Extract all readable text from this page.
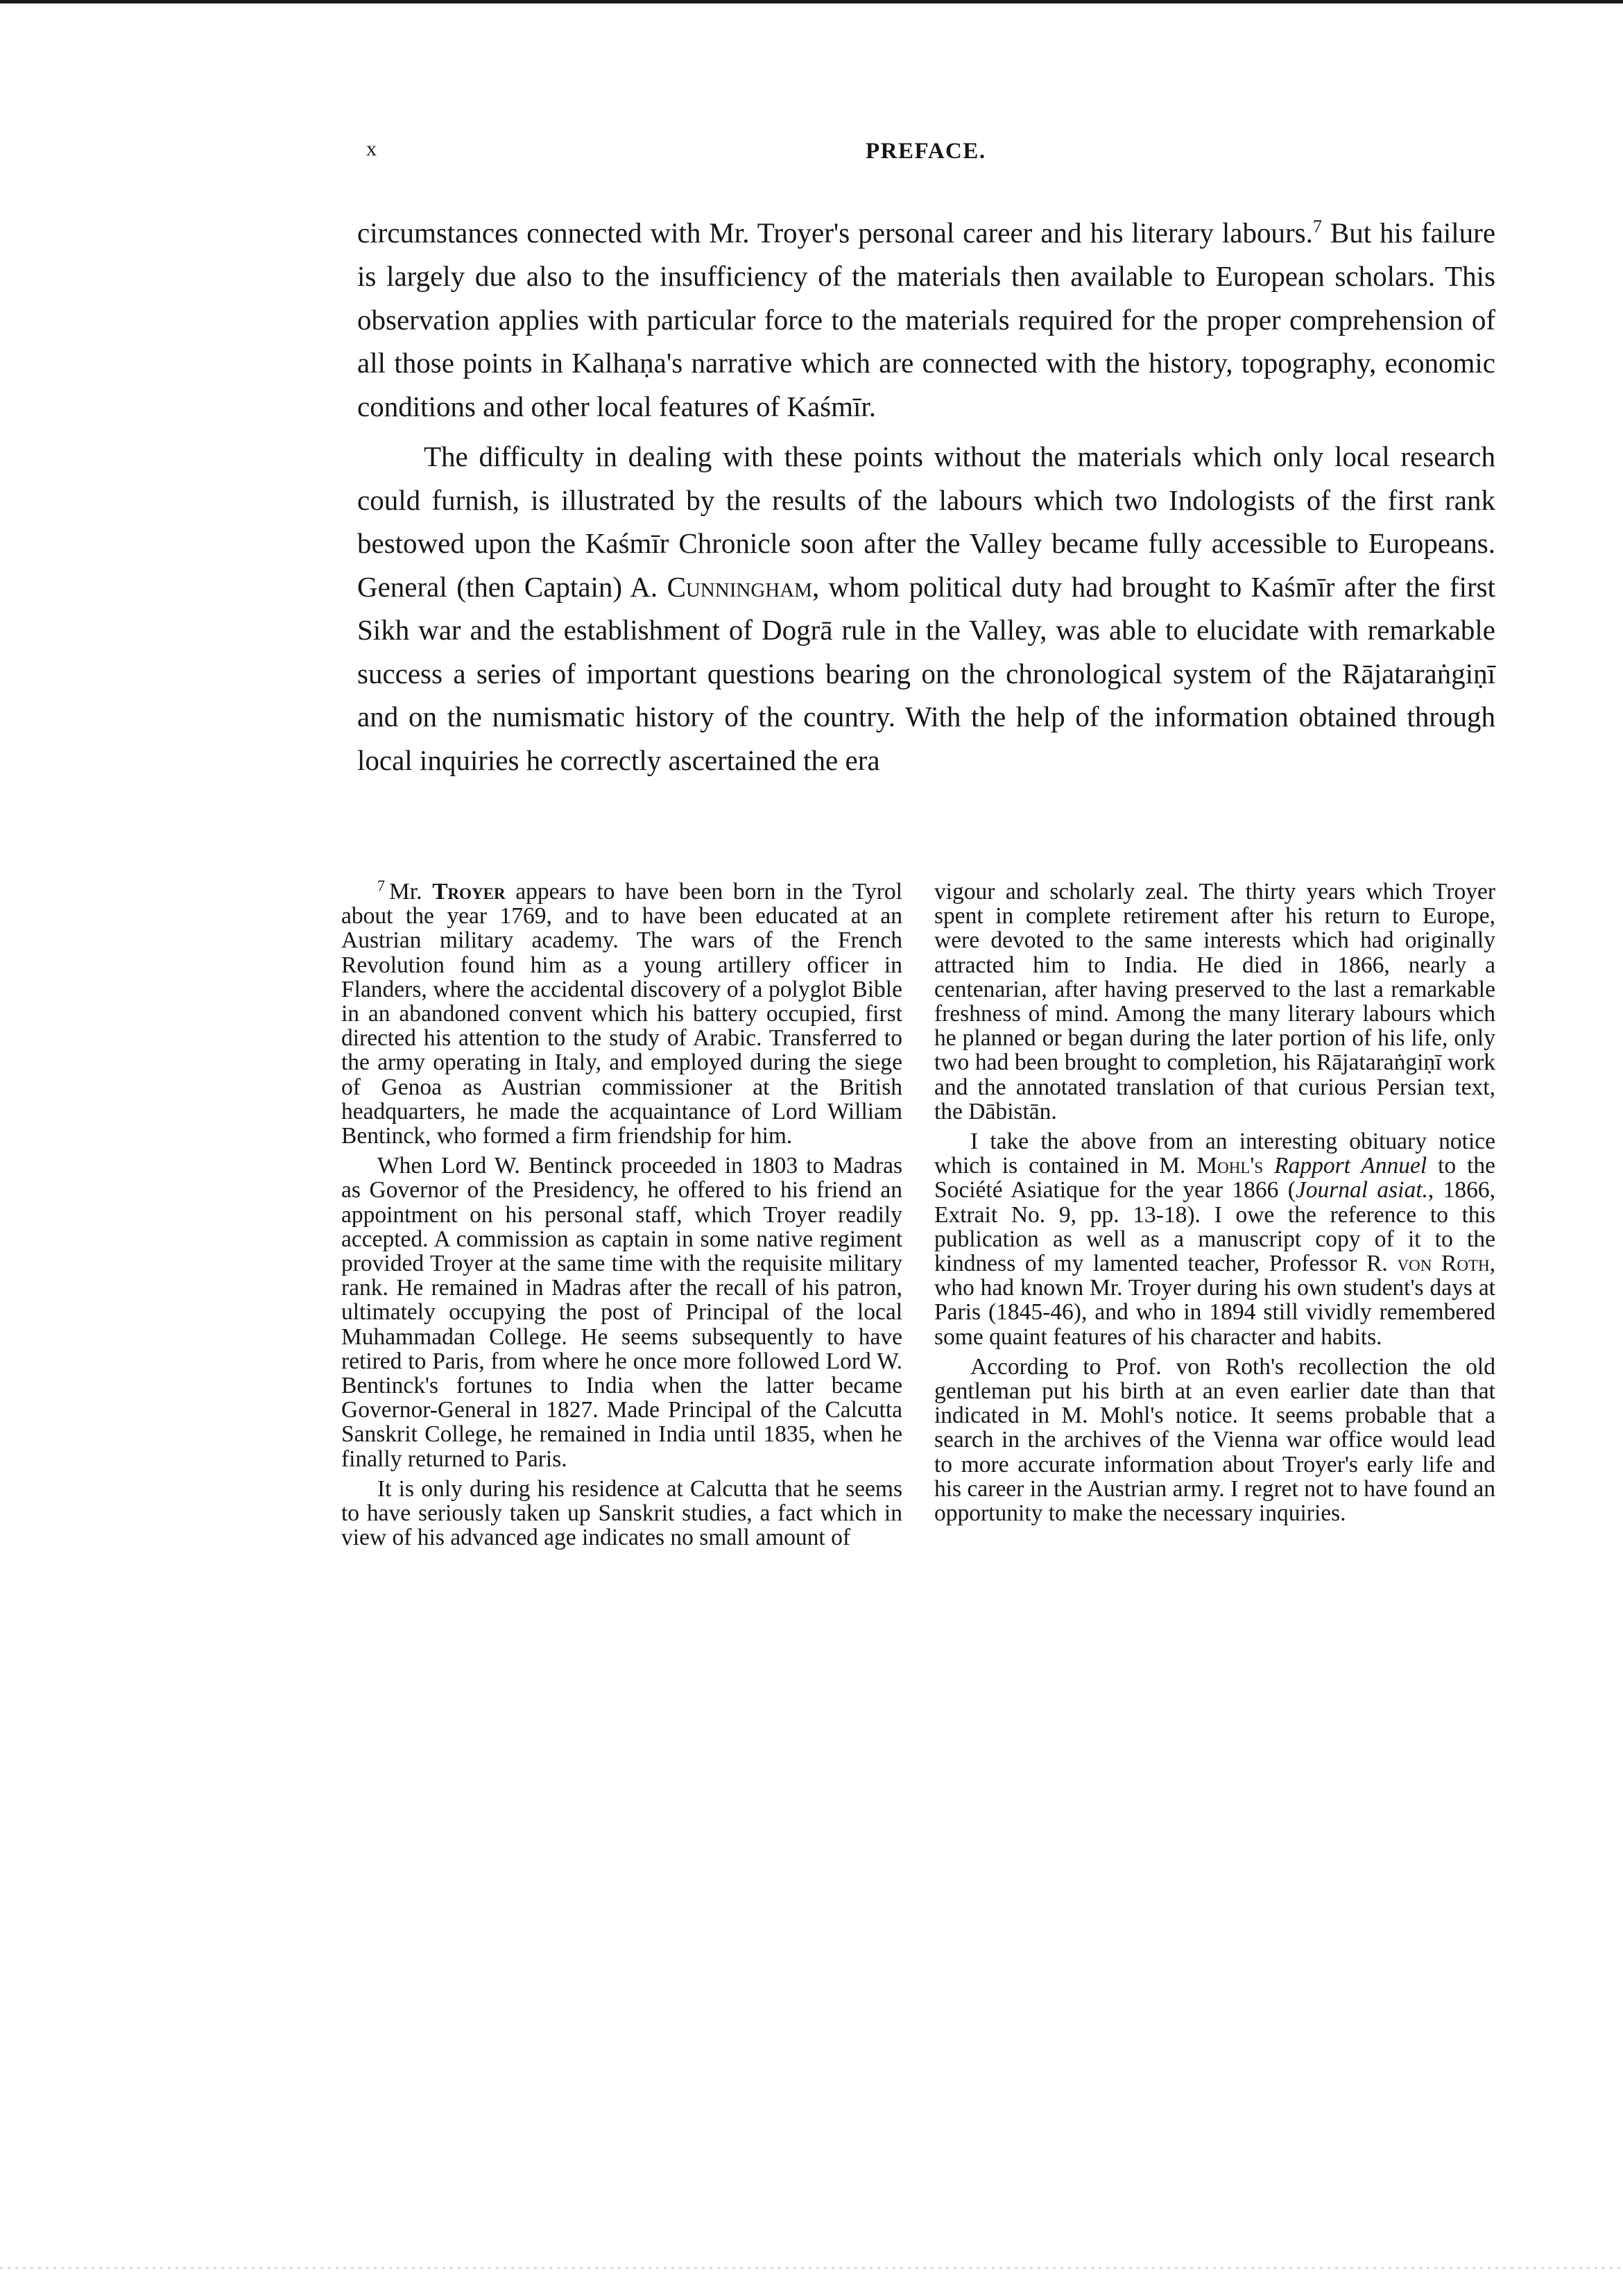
x	PREFACE.

circumstances connected with Mr. Troyer's personal career and his literary labours.$^7$ But his failure is largely due also to the insufficiency of the materials then available to European scholars. This observation applies with particular force to the materials required for the proper comprehension of all those points in Kalhaṇa's narrative which are connected with the history, topography, economic conditions and other local features of Kaśmīr.

The difficulty in dealing with these points without the materials which only local research could furnish, is illustrated by the results of the labours which two Indologists of the first rank bestowed upon the Kaśmīr Chronicle soon after the Valley became fully accessible to Europeans. General (then Captain) A. Cunningham, whom political duty had brought to Kaśmīr after the first Sikh war and the establishment of Dogrā rule in the Valley, was able to elucidate with remarkable success a series of important questions bearing on the chronological system of the Rājataraṅgiṇī and on the numismatic history of the country. With the help of the information obtained through local inquiries he correctly ascertained the era

$^7$ Mr. Troyer appears to have been born in the Tyrol about the year 1769, and to have been educated at an Austrian military academy. The wars of the French Revolution found him as a young artillery officer in Flanders, where the accidental discovery of a polyglot Bible in an abandoned convent which his battery occupied, first directed his attention to the study of Arabic. Transferred to the army operating in Italy, and employed during the siege of Genoa as Austrian commissioner at the British headquarters, he made the acquaintance of Lord William Bentinck, who formed a firm friendship for him.

When Lord W. Bentinck proceeded in 1803 to Madras as Governor of the Presidency, he offered to his friend an appointment on his personal staff, which Troyer readily accepted. A commission as captain in some native regiment provided Troyer at the same time with the requisite military rank. He remained in Madras after the recall of his patron, ultimately occupying the post of Principal of the local Muhammadan College. He seems subsequently to have retired to Paris, from where he once more followed Lord W. Bentinck's fortunes to India when the latter became Governor-General in 1827. Made Principal of the Calcutta Sanskrit College, he remained in India until 1835, when he finally returned to Paris.

It is only during his residence at Calcutta that he seems to have seriously taken up Sanskrit studies, a fact which in view of his advanced age indicates no small amount of

vigour and scholarly zeal. The thirty years which Troyer spent in complete retirement after his return to Europe, were devoted to the same interests which had originally attracted him to India. He died in 1866, nearly a centenarian, after having preserved to the last a remarkable freshness of mind. Among the many literary labours which he planned or began during the later portion of his life, only two had been brought to completion, his Rājataraṅgiṇī work and the annotated translation of that curious Persian text, the Dābistān.

I take the above from an interesting obituary notice which is contained in M. Mohl's Rapport Annuel to the Société Asiatique for the year 1866 (Journal asiat., 1866, Extrait No. 9, pp. 13-18). I owe the reference to this publication as well as a manuscript copy of it to the kindness of my lamented teacher, Professor R. von Roth, who had known Mr. Troyer during his own student's days at Paris (1845-46), and who in 1894 still vividly remembered some quaint features of his character and habits.

According to Prof. von Roth's recollection the old gentleman put his birth at an even earlier date than that indicated in M. Mohl's notice. It seems probable that a search in the archives of the Vienna war office would lead to more accurate information about Troyer's early life and his career in the Austrian army. I regret not to have found an opportunity to make the necessary inquiries.
